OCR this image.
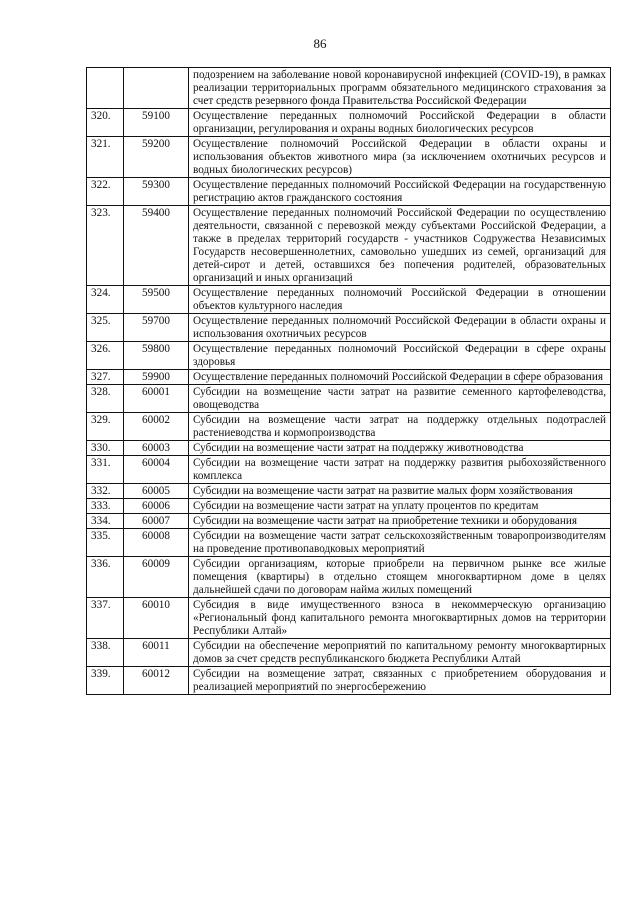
86
		подозрением на заболевание новой коронавирусной инфекцией (COVID-19), в рамках реализации территориальных программ обязательного медицинского страхования за счет средств резервного фонда Правительства Российской Федерации
320.	59100	Осуществление переданных полномочий Российской Федерации в области организации, регулирования и охраны водных биологических ресурсов
321.	59200	Осуществление полномочий Российской Федерации в области охраны и использования объектов животного мира (за исключением охотничьих ресурсов и водных биологических ресурсов)
322.	59300	Осуществление переданных полномочий Российской Федерации на государственную регистрацию актов гражданского состояния
323.	59400	Осуществление переданных полномочий Российской Федерации по осуществлению деятельности, связанной с перевозкой между субъектами Российской Федерации, а также в пределах территорий государств - участников Содружества Независимых Государств несовершеннолетних, самовольно ушедших из семей, организаций для детей-сирот и детей, оставшихся без попечения родителей, образовательных организаций и иных организаций
324.	59500	Осуществление переданных полномочий Российской Федерации в отношении объектов культурного наследия
325.	59700	Осуществление переданных полномочий Российской Федерации в области охраны и использования охотничьих ресурсов
326.	59800	Осуществление переданных полномочий Российской Федерации в сфере охраны здоровья
327.	59900	Осуществление переданных полномочий Российской Федерации в сфере образования
328.	60001	Субсидии на возмещение части затрат на развитие семенного картофелеводства, овощеводства
329.	60002	Субсидии на возмещение части затрат на поддержку отдельных подотраслей растениеводства и кормопроизводства
330.	60003	Субсидии на возмещение части затрат на поддержку животноводства
331.	60004	Субсидии на возмещение части затрат на поддержку развития рыбохозяйственного комплекса
332.	60005	Субсидии на возмещение части затрат на развитие малых форм хозяйствования
333.	60006	Субсидии на возмещение части затрат на уплату процентов по кредитам
334.	60007	Субсидии на возмещение части затрат на приобретение техники и оборудования
335.	60008	Субсидии на возмещение части затрат сельскохозяйственным товаропроизводителям на проведение противопаводковых мероприятий
336.	60009	Субсидии организациям, которые приобрели на первичном рынке все жилые помещения (квартиры) в отдельно стоящем многоквартирном доме в целях дальнейшей сдачи по договорам найма жилых помещений
337.	60010	Субсидия в виде имущественного взноса в некоммерческую организацию «Региональный фонд капитального ремонта многоквартирных домов на территории Республики Алтай»
338.	60011	Субсидии на обеспечение мероприятий по капитальному ремонту многоквартирных домов за счет средств республиканского бюджета Республики Алтай
339.	60012	Субсидии на возмещение затрат, связанных с приобретением оборудования и реализацией мероприятий по энергосбережению
